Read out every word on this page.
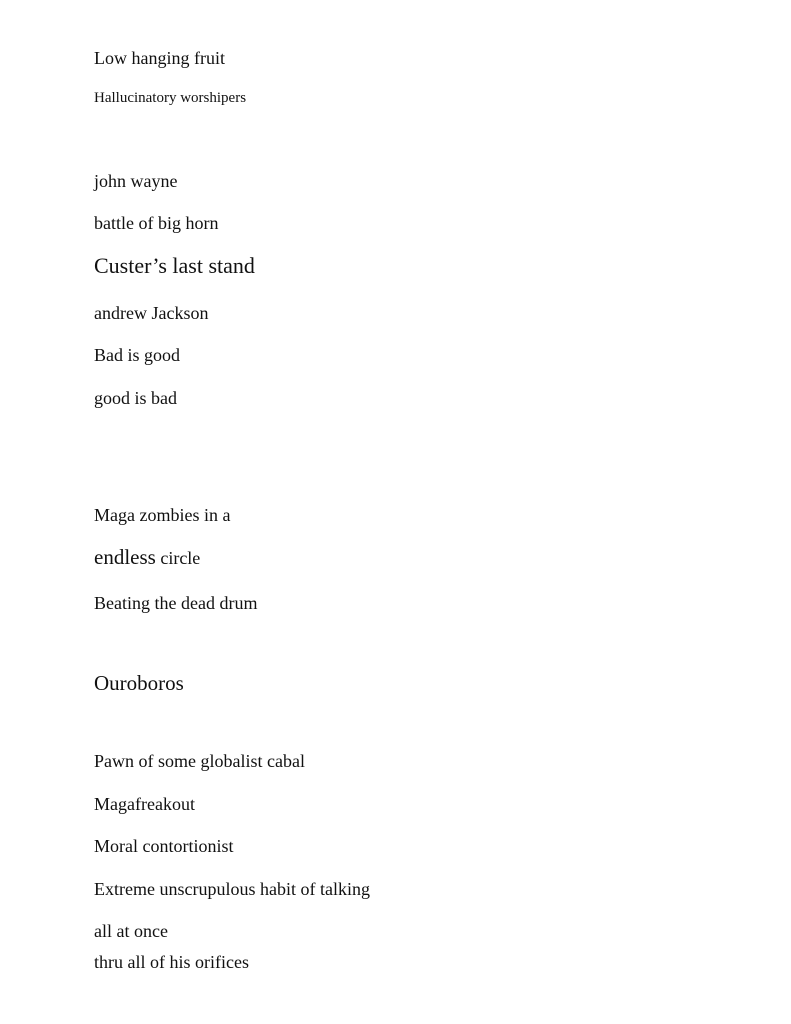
Low hanging fruit

Hallucinatory worshipers

john wayne

battle of big horn

Custer’s last stand

andrew Jackson

Bad is good

good is bad

Maga zombies in a

endless circle

Beating the dead drum

Ouroboros

Pawn of some globalist cabal

Magafreakout

Moral contortionist

Extreme unscrupulous habit of talking

all at once

thru all of his orifices
